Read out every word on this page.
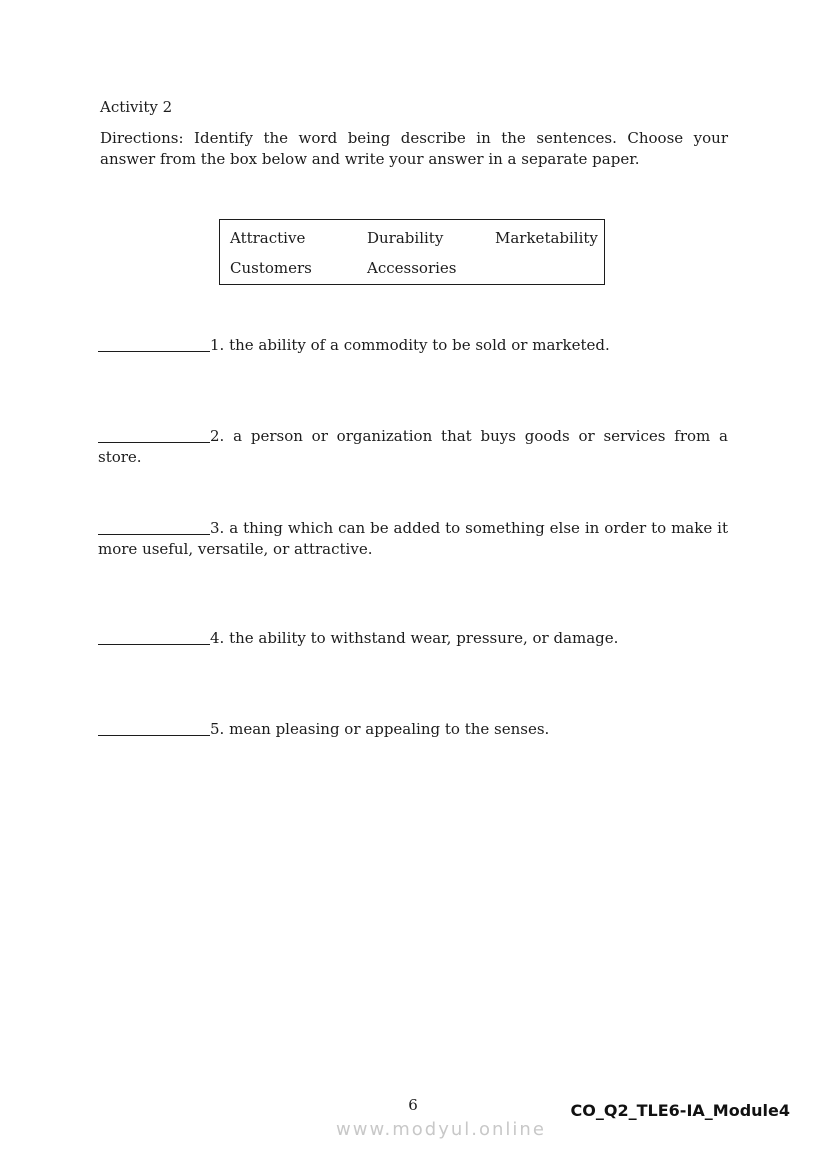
Activity 2
Directions: Identify the word being describe in the sentences. Choose your answer from the box below and write your answer in a separate paper.
Attractive	Durability	Marketability
Customers	Accessories
1. the ability of a commodity to be sold or marketed.
2. a person or organization that buys goods or services from a store.
3. a thing which can be added to something else in order to make it more useful, versatile, or attractive.
4. the ability to withstand wear, pressure, or damage.
5. mean pleasing or appealing to the senses.
6
www.modyul.online
CO_Q2_TLE6-IA_Module4
